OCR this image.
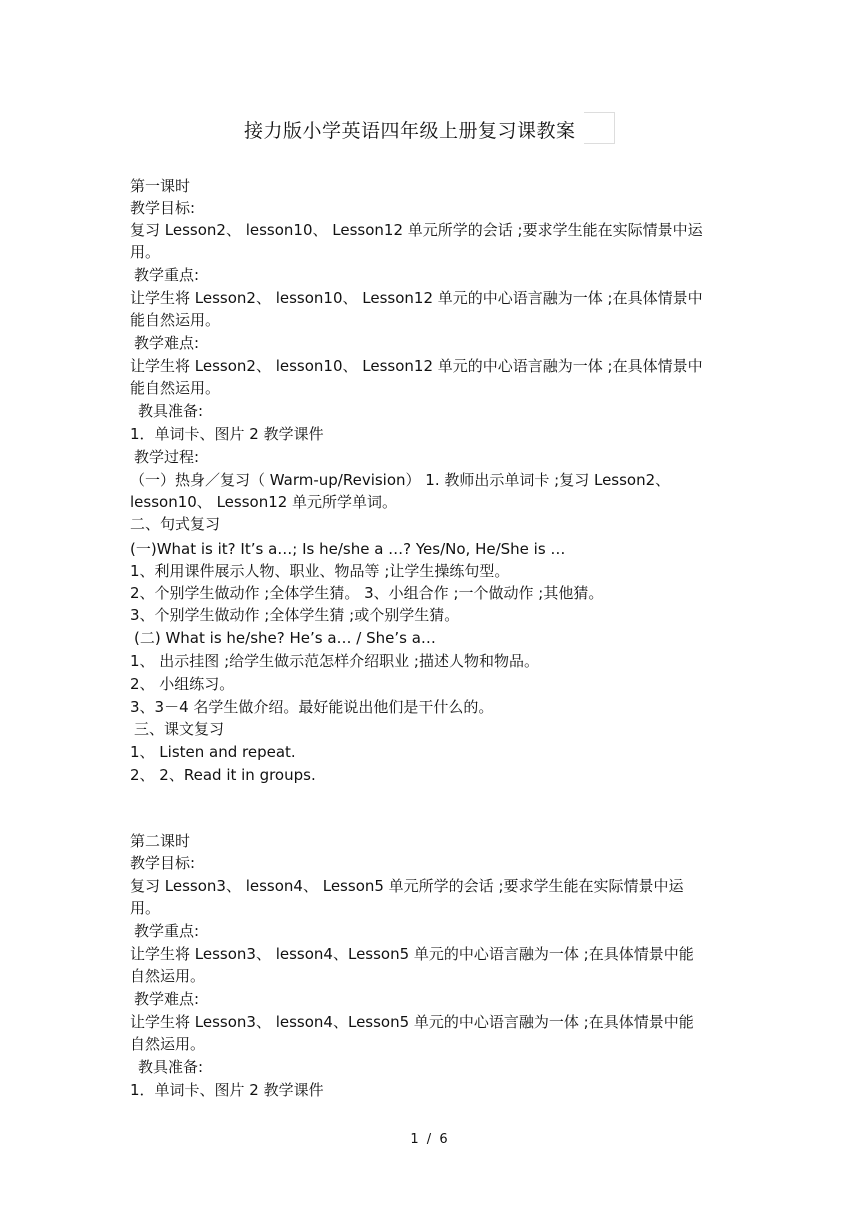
接力版小学英语四年级上册复习课教案
第一课时
教学目标:
复习 Lesson2、 lesson10、 Lesson12 单元所学的会话 ;要求学生能在实际情景中运
用。
教学重点:
让学生将 Lesson2、 lesson10、 Lesson12 单元的中心语言融为一体 ;在具体情景中
能自然运用。
教学难点:
让学生将 Lesson2、 lesson10、 Lesson12 单元的中心语言融为一体 ;在具体情景中
能自然运用。
教具准备:
1．单词卡、图片 2 教学课件
教学过程:
（一）热身／复习（ Warm-up/Revision） 1. 教师出示单词卡 ;复习 Lesson2、
lesson10、 Lesson12 单元所学单词。
二、句式复习
(一)What is it? It’s a…; Is he/she a …? Yes/No, He/She is …
1、利用课件展示人物、职业、物品等 ;让学生操练句型。
2、个别学生做动作 ;全体学生猜。 3、小组合作 ;一个做动作 ;其他猜。
3、个别学生做动作 ;全体学生猜 ;或个别学生猜。
(二) What is he/she? He’s a… / She’s a…
1、 出示挂图 ;给学生做示范怎样介绍职业 ;描述人物和物品。
2、 小组练习。
3、3－4 名学生做介绍。最好能说出他们是干什么的。
三、课文复习
1、 Listen and repeat.
2、 2、Read it in groups.
第二课时
教学目标:
复习 Lesson3、 lesson4、 Lesson5 单元所学的会话 ;要求学生能在实际情景中运
用。
教学重点:
让学生将 Lesson3、 lesson4、Lesson5 单元的中心语言融为一体 ;在具体情景中能
自然运用。
教学难点:
让学生将 Lesson3、 lesson4、Lesson5 单元的中心语言融为一体 ;在具体情景中能
自然运用。
教具准备:
1．单词卡、图片 2 教学课件
1 / 6
